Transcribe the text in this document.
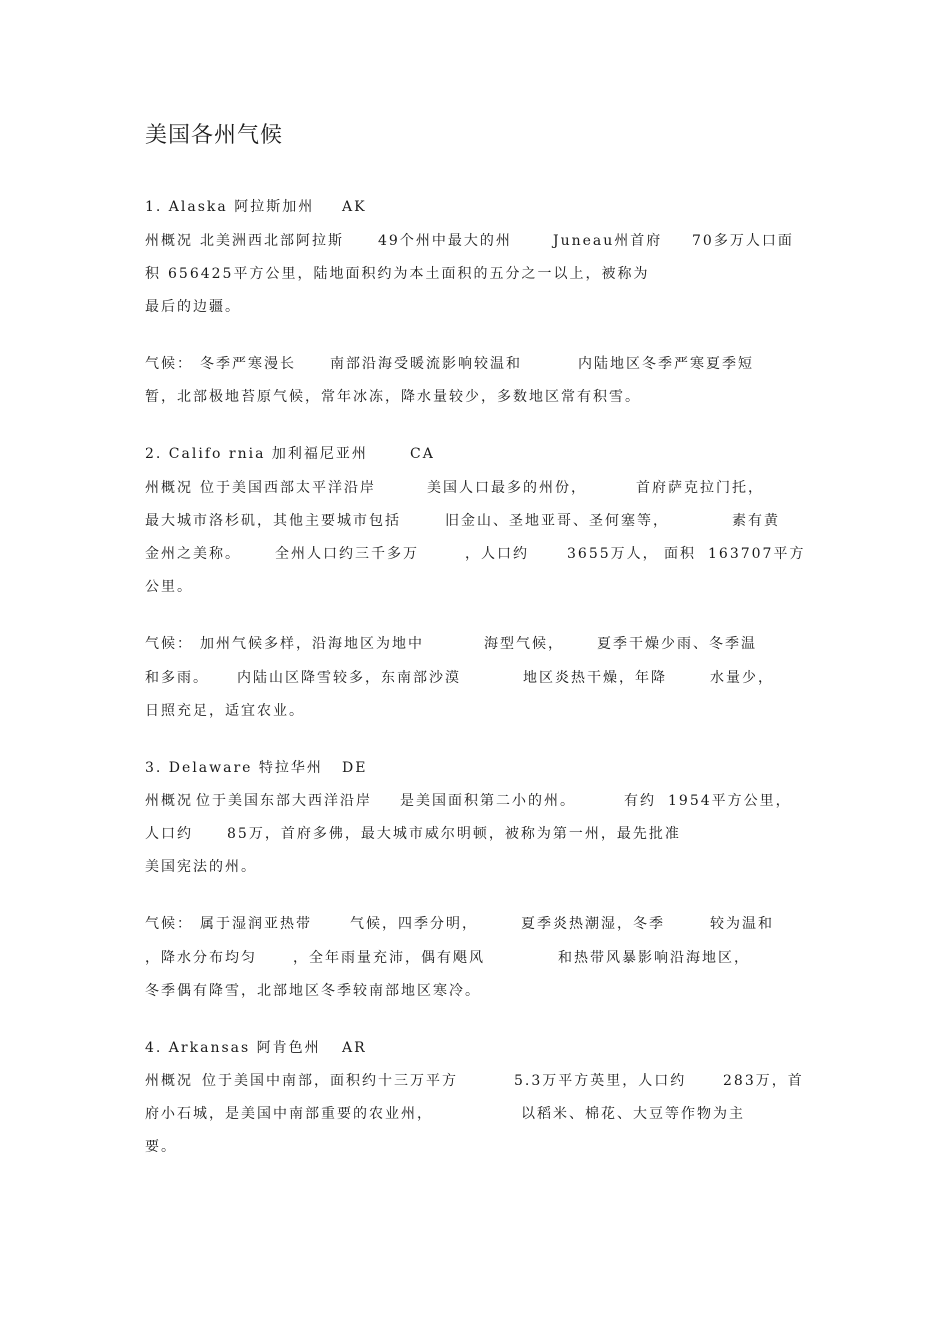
美国各州气候
1. Alaska 阿拉斯加州 AK
州概况 北美洲西北部阿拉斯 49个州中最大的州	Juneau州首府 70多万人口面
积 656425平方公里，陆地面积约为本土面积的五分之一以上，被称为
最后的边疆。
气候： 冬季严寒漫长 南部沿海受暖流影响较温和	内陆地区冬季严寒夏季短
暂，北部极地苔原气候，常年冰冻，降水量较少，多数地区常有积雪。
2. Califo rnia 加利福尼亚州	CA
州概况 位于美国西部太平洋沿岸	美国人口最多的州份，	首府萨克拉门托，
最大城市洛杉矶，其他主要城市包括	旧金山、圣地亚哥、圣何塞等，	素有黄
金州之美称。 全州人口约三千多万	，人口约	3655万人， 面积 163707平方
公里。
气候： 加州气候多样，沿海地区为地中	海型气候， 夏季干燥少雨、冬季温
和多雨。 内陆山区降雪较多，东南部沙漠	地区炎热干燥，年降	水量少，
日照充足，适宜农业。
3. Delaware 特拉华州 DE
州概况 位于美国东部大西洋沿岸 是美国面积第二小的州。	有约 1954平方公里，
人口约 85万，首府多佛，最大城市威尔明顿，被称为第一州，最先批准
美国宪法的州。
气候： 属于湿润亚热带	气候，四季分明，	夏季炎热潮湿，冬季	较为温和
，降水分布均匀	，全年雨量充沛，偶有飓风	和热带风暴影响沿海地区，
冬季偶有降雪，北部地区冬季较南部地区寒冷。
4. Arkansas 阿肯色州 AR
州概况 位于美国中南部，面积约十三万平方	5.3万平方英里，人口约	283万，首
府小石城，是美国中南部重要的农业州，	以稻米、棉花、大豆等作物为主
要。
